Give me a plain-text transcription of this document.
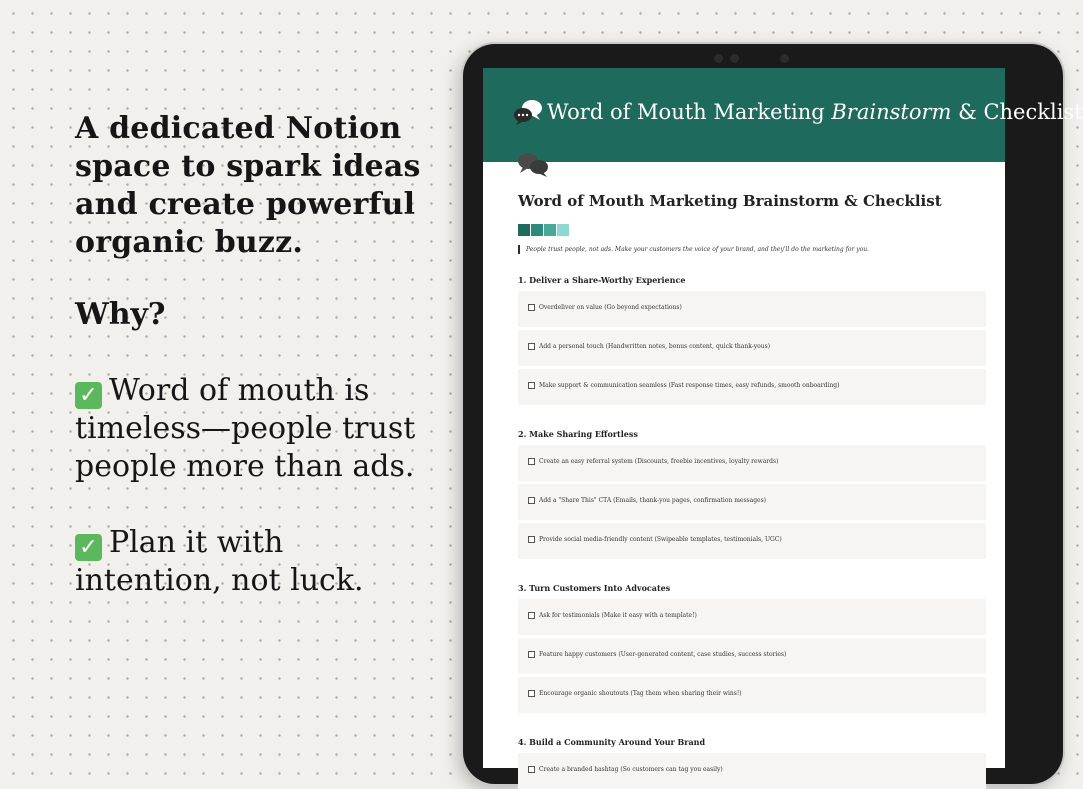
A dedicated Notion space to spark ideas and create powerful organic buzz.
Why?
✓ Word of mouth is timeless—people trust people more than ads.
✓ Plan it with intention, not luck.
Word of Mouth Marketing Brainstorm & Checklist
Word of Mouth Marketing Brainstorm & Checklist
People trust people, not ads. Make your customers the voice of your brand, and they'll do the marketing for you.
1. Deliver a Share-Worthy Experience
Overdeliver on value (Go beyond expectations)
Add a personal touch (Handwritten notes, bonus content, quick thank-yous)
Make support & communication seamless (Fast response times, easy refunds, smooth onboarding)
2. Make Sharing Effortless
Create an easy referral system (Discounts, freebie incentives, loyalty rewards)
Add a "Share This" CTA (Emails, thank-you pages, confirmation messages)
Provide social media-friendly content (Swipeable templates, testimonials, UGC)
3. Turn Customers Into Advocates
Ask for testimonials (Make it easy with a template!)
Feature happy customers (User-generated content, case studies, success stories)
Encourage organic shoutouts (Tag them when sharing their wins!)
4. Build a Community Around Your Brand
Create a branded hashtag (So customers can tag you easily)
